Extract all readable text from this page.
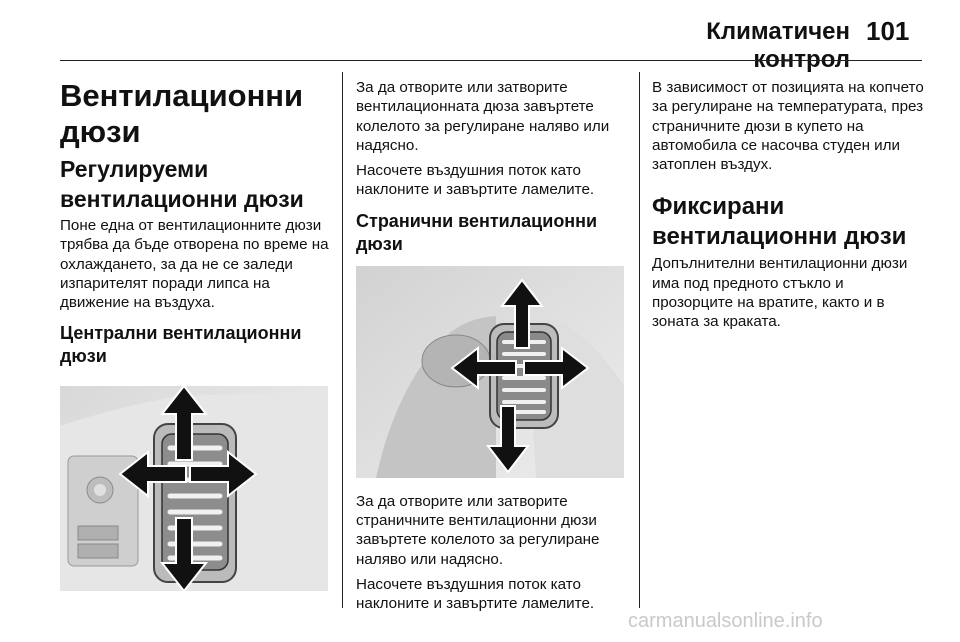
Климатичен контрол
101
Вентилационни дюзи
Регулируеми вентилационни дюзи
Поне една от вентилационните дюзи трябва да бъде отворена по време на охлаждането, за да не се заледи изпарителят поради липса на движение на въздуха.
Централни вентилационни дюзи
За да отворите или затворите вентилационната дюза завъртете колелото за регулиране наляво или надясно.
Насочете въздушния поток като наклоните и завъртите ламелите.
Странични вентилационни дюзи
За да отворите или затворите страничните вентилационни дюзи завъртете колелото за регулиране наляво или надясно.
Насочете въздушния поток като наклоните и завъртите ламелите.
В зависимост от позицията на копчето за регулиране на температурата, през страничните дюзи в купето на автомобила се насочва студен или затоплен въздух.
Фиксирани вентилационни дюзи
Допълнителни вентилационни дюзи има под предното стъкло и прозорците на вратите, както и в зоната за краката.
carmanualsonline.info
